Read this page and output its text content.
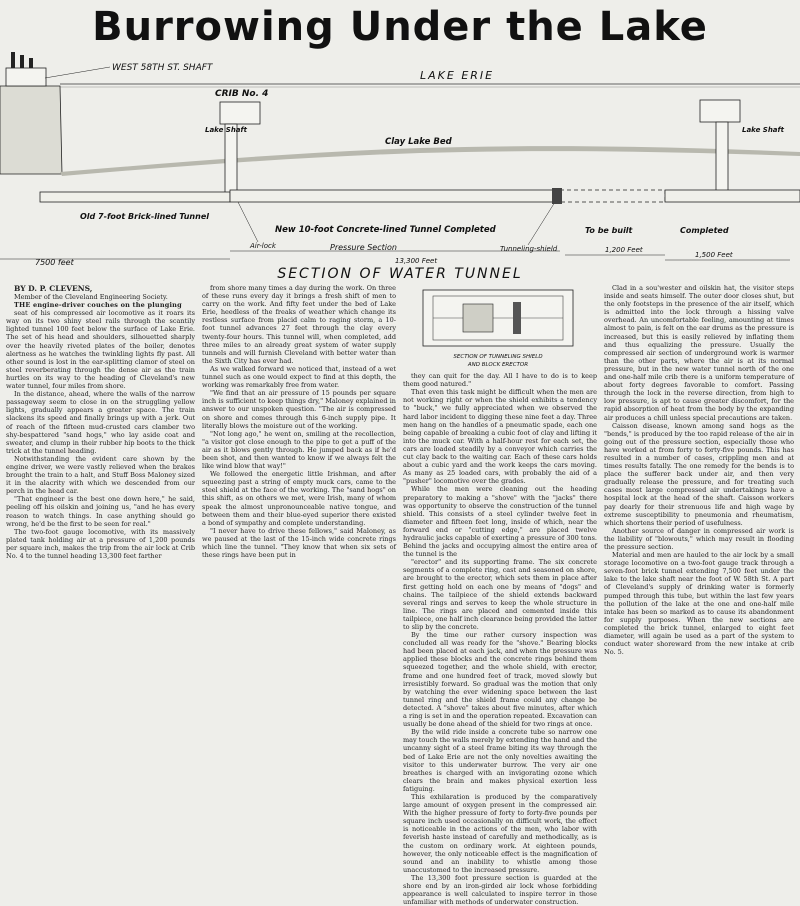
Burrowing Under the Lake
WEST 58TH ST. SHAFT
LAKE ERIE
CRIB No. 4
Clay Lake Bed
Lake Shaft	Lake Shaft
Old 7-foot Brick-lined Tunnel
New 10-foot Concrete-lined Tunnel Completed	To be built	Completed
Air-lock	Tunneling-shield
7500 feet
Pressure Section
13,300 Feet
1,200 Feet
1,500 Feet
SECTION OF WATER TUNNEL

BY D. P. CLEVENS,

Member of the Cleveland Engineering Society.

THE engine-driver couches on the plunging

seat of his compressed air locomotive as it roars its way on its two shiny steel rails through the scantily lighted tunnel 100 feet below the surface of Lake Erie. The set of his head and shoulders, silhouetted sharply over the heavily riveted plates of the boiler, denotes alertness as he watches the twinkling lights fly past. All other sound is lost in the ear-splitting clamor of steel on steel reverberating through the dense air as the train hurtles on its way to the heading of Cleveland's new water tunnel, four miles from shore.

In the distance, ahead, where the walls of the narrow passageway seem to close in on the struggling yellow lights, gradually appears a greater space. The train slackens its speed and finally brings up with a jerk. Out of reach of the fifteen mud-crusted cars clamber two shy-bespattered "sand hogs," who lay aside coat and sweater, and clump in their rubber hip boots to the thick trick at the tunnel heading.

Notwithstanding the evident care shown by the engine driver, we were vastly relieved when the brakes brought the train to a halt, and Stuff Boss Maloney sized it in the alacrity with which we descended from our perch in the head car.

"That engineer is the best one down here," he said, peeling off his oilskin and joining us, "and he has every reason to watch things. In case anything should go wrong, he'd be the first to be seen for real."

The two-foot gauge locomotive, with its massively plated tank holding air at a pressure of 1,200 pounds per square inch, makes the trip from the air lock at Crib No. 4 to the tunnel heading 13,300 feet farther

from shore many times a day during the work. On three of these runs every day it brings a fresh shift of men to carry on the work. And fifty feet under the bed of Lake Erie, heedless of the freaks of weather which change its restless surface from placid calm to raging storm, a 10-foot tunnel advances 27 feet through the clay every twenty-four hours. This tunnel will, when completed, add three miles to an already great system of water supply tunnels and will furnish Cleveland with better water than the Sixth City has ever had.

As we walked forward we noticed that, instead of a wet tunnel such as one would expect to find at this depth, the working was remarkably free from water.

"We find that an air pressure of 15 pounds per square inch is sufficient to keep things dry," Maloney explained in answer to our unspoken question. "The air is compressed on shore and comes through this 6-inch supply pipe. It literally blows the moisture out of the working.

"Not long ago," he went on, smiling at the recollection, "a visitor got close enough to the pipe to get a puff of the air as it blows gently through. He jumped back as if he'd been shot, and then wanted to know if we always felt the like wind blow that way!"

We followed the energetic little Irishman, and after squeezing past a string of empty muck cars, came to the steel shield at the face of the working. The "sand hogs" on this shift, as on others we met, were Irish, many of whom speak the almost unpronounceable native tongue, and between them and their blue-eyed superior there existed a bond of sympathy and complete understanding.

"I never have to drive these fellows," said Maloney, as we paused at the last of the 15-inch wide concrete rings which line the tunnel. "They know that when six sets of these rings have been put in

SECTION OF TUNNELING SHIELD
AND BLOCK ERECTOR

they can quit for the day. All I have to do is to keep them good natured."

That even this task might be difficult when the men are not working right or when the shield exhibits a tendency to "buck," we fully appreciated when we observed the hard labor incident to digging these nine feet a day. Three men hang on the handles of a pneumatic spade, each one being capable of breaking a cubic foot of clay and lifting it into the muck car. With a half-hour rest for each set, the cars are loaded steadily by a conveyor which carries the cut clay back to the waiting car. Each of these cars holds about a cubic yard and the work keeps the cars moving. As many as 25 loaded cars, with probably the aid of a "pusher" locomotive over the grades.

While the men were cleaning out the heading preparatory to making a "shove" with the "jacks" there was opportunity to observe the construction of the tunnel shield. This consists of a steel cylinder twelve feet in diameter and fifteen feet long, inside of which, near the forward end or "cutting edge," are placed twelve hydraulic jacks capable of exerting a pressure of 300 tons. Behind the jacks and occupying almost the entire area of the tunnel is the

"erector" and its supporting frame. The six concrete segments of a complete ring, cast and seasoned on shore, are brought to the erector, which sets them in place after first getting hold on each one by means of "dogs" and chains. The tailpiece of the shield extends backward several rings and serves to keep the whole structure in line. The rings are placed and cemented inside this tailpiece, one half inch clearance being provided the latter to slip by the concrete.

By the time our rather cursory inspection was concluded all was ready for the "shove." Bearing blocks had been placed at each jack, and when the pressure was applied these blocks and the concrete rings behind them squeezed together, and the whole shield, with erector, frame and one hundred feet of track, moved slowly but irresistibly forward. So gradual was the motion that only by watching the ever widening space between the last tunnel ring and the shield frame could any change be detected. A "shove" takes about five minutes, after which a ring is set in and the operation repeated. Excavation can usually be done ahead of the shield for two rings at once.

By the wild ride inside a concrete tube so narrow one may touch the walls merely by extending the hand and the uncanny sight of a steel frame biting its way through the bed of Lake Erie are not the only novelties awaiting the visitor to this underwater burrow. The very air one breathes is charged with an invigorating ozone which clears the brain and makes physical exertion less fatiguing.

This exhilaration is produced by the comparatively large amount of oxygen present in the compressed air. With the higher pressure of forty to forty-five pounds per square inch used occasionally on difficult work, the effect is noticeable in the actions of the men, who labor with feverish haste instead of carefully and methodically, as is the custom on ordinary work. At eighteen pounds, however, the only noticeable effect is the magnification of sound and an inability to whistle among those unaccustomed to the increased pressure.

The 13,300 foot pressure section is guarded at the shore end by an iron-girded air lock whose forbidding appearance is well calculated to inspire terror in those unfamiliar with methods of underwater construction.

Clad in a sou'wester and oilskin hat, the visitor steps inside and seats himself. The outer door closes shut, but the only footsteps in the presence of the air itself, which is admitted into the lock through a hissing valve overhead. An uncomfortable feeling, amounting at times almost to pain, is felt on the ear drums as the pressure is increased, but this is easily relieved by inflating them and thus equalizing the pressure. Usually the compressed air section of underground work is warmer than the other parts, where the air is at its normal pressure, but in the new water tunnel north of the one and one-half mile crib there is a uniform temperature of about forty degrees favorable to comfort. Passing through the lock in the reverse direction, from high to low pressure, is apt to cause greater discomfort, for the rapid absorption of heat from the body by the expanding air produces a chill unless special precautions are taken.

Caisson disease, known among sand hogs as the "bends," is produced by the too rapid release of the air in going out of the pressure section, especially those who have worked at from forty to forty-five pounds. This has resulted in a number of cases, crippling men and at times results fatally. The one remedy for the bends is to place the sufferer back under air, and then very gradually release the pressure, and for treating such cases most large compressed air undertakings have a hospital lock at the head of the shaft. Caisson workers pay dearly for their strenuous life and high wage by extreme susceptibility to pneumonia and rheumatism, which shortens their period of usefulness.

Another source of danger in compressed air work is the liability of "blowouts," which may result in flooding the pressure section.

Material and men are hauled to the air lock by a small storage locomotive on a two-foot gauge track through a seven-foot brick tunnel extending 7,500 feet under the lake to the lake shaft near the foot of W. 58th St. A part of Cleveland's supply of drinking water is formerly pumped through this tube, but within the last few years the pollution of the lake at the one and one-half mile intake has been so marked as to cause its abandonment for supply purposes. When the new sections are completed the brick tunnel, enlarged to eight feet diameter, will again be used as a part of the system to conduct water shoreward from the new intake at crib No. 5.
